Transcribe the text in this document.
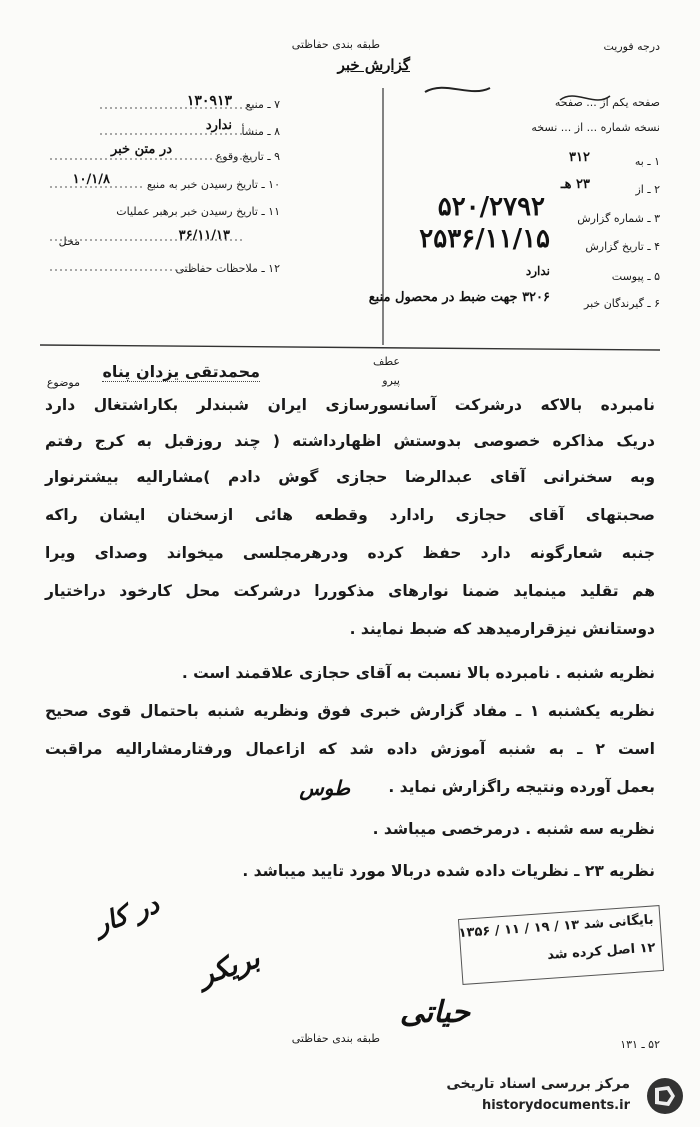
طبقه بندی حفاظتی
گزارش خبر
درجه فوریت
صفحه یکم از ... صفحه
نسخه شماره ... از ... نسخه
۷ ـ منبع
۱۳۰۹۱۳
۸ ـ منشأ
ندارد
۹ ـ تاریخ وقوع
در متن خبر
۱۰ ـ تاریخ رسیدن خبر به منبع
۱۰/۱/۸
۱۱ ـ تاریخ رسیدن خبر برهبر عملیات
محل	۳۶/۱۱/۱۳
۱۲ ـ ملاحظات حفاظتی
۱ ـ به
۳۱۲
۲ ـ از
۲۳ هـ
۳ ـ شماره گزارش
۵۲۰/۲۷۹۲
۴ ـ تاریخ گزارش
۲۵۳۶/۱۱/۱۵
۵ ـ پیوست
ندارد
۶ ـ گیرندگان خبر
۳۲۰۶ جهت ضبط در محصول منبع
عطف
پیرو
موضوع
محمدتقی یزدان پناه
نامبرده بالاکه درشرکت آسانسورسازی ایران شبندلر بکاراشتغال دارد
دریک مذاکره خصوصی بدوستش اظهارداشته ( چند روزقبل به کرج رفتم
وبه سخنرانی آقای عبدالرضا حجازی گوش دادم )مشارالیه بیشترنوار
صحبتهای آقای حجازی رادارد وقطعه هائی ازسخنان ایشان راکه
جنبه شعارگونه دارد حفظ کرده ودرهرمجلسی میخواند وصدای ویرا
هم تقلید مینماید ضمنا نوارهای مذکوررا درشرکت محل کارخود دراختیار
دوستانش نیزقرارمیدهد که ضبط نمایند .
نظریه شنبه . نامبرده بالا نسبت به آقای حجازی علاقمند است .
نظریه یکشنبه ۱ ـ مفاد گزارش خبری فوق ونظریه شنبه باحتمال قوی صحیح
است ۲ ـ به شنبه آموزش داده شد که ازاعمال ورفتارمشارالیه مراقبت
بعمل آورده ونتیجه راگزارش نماید .
نظریه سه شنبه . درمرخصی میباشد .
نظریه ۲۳ ـ نظریات داده شده دربالا مورد تایید میباشد .
طوس
در کار
بریکر
حیاتی
بایگانی شد ۱۳ / ۱۹ / ۱۱ / ۱۳۵۶
۱۲ اصل کرده شد
طبقه بندی حفاظتی	۵۲ ـ ۱۳۱
مرکز بررسی اسناد تاریخی
historydocuments.ir
